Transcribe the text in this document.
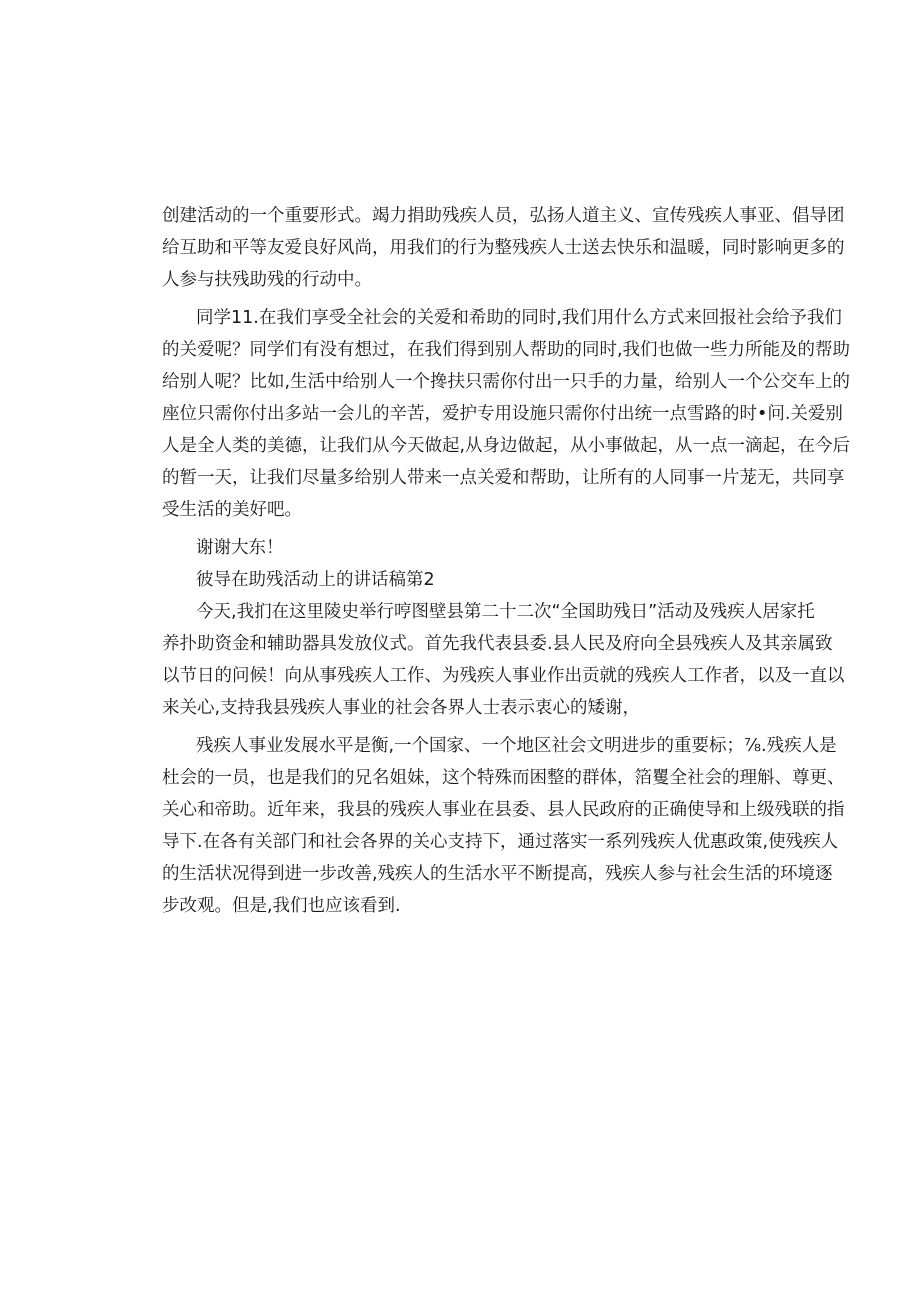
创建活动的一个重要形式。竭力捐助残疾人员，弘扬人道主义、宣传残疾人事亚、倡导团
给互助和平等友爱良好风尚，用我们的行为整残疾人士送去快乐和温暖，同时影响更多的
人参与扶残助残的行动中。
同学11.在我们享受全社会的关爱和希助的同时,我们用什么方式来回报社会给予我们
的关爱呢？同学们有没有想过，在我们得到别人帮助的同时,我们也做一些力所能及的帮助
给别人呢？比如,生活中给别人一个搀扶只需你付出一只手的力量，给别人一个公交车上的
座位只需你付出多站一会儿的辛苦，爱护专用设施只需你付出统一点雪路的时•问.关爱别
人是全人类的美德，让我们从今天做起,从身边做起，从小事做起，从一点一滴起，在今后
的暂一天，让我们尽量多给别人带来一点关爱和帮助，让所有的人同事一片茏无，共同享
受生活的美好吧。
谢谢大东！
彼导在助残活动上的讲话稿第2
今天,我扪在这里陵史举行哼图壁县第二十二次“全国助残日”活动及残疾人居家托
养扑助资金和辅助器具发放仪式。首先我代表县委.县人民及府向全县残疾人及其亲属致
以节日的问候！向从事残疾人工作、为残疾人事业作出贡就的残疾人工作者，以及一直以
来关心,支持我县残疾人事业的社会各界人士表示衷心的矮谢，
残疾人事业发展水平是衡,一个国家、一个地区社会文明进步的重要标；⅞.残疾人是
杜会的一员，也是我们的兄名姐妹，这个特殊而困整的群体，箔矍全社会的理斛、尊更、
关心和帝助。近年来，我县的残疾人事业在县委、县人民政府的正确使导和上级残联的指
导下.在各有关部门和社会各界的关心支持下，通过落实一系列残疾人优惠政策,使残疾人
的生活状况得到进一步改善,残疾人的生活水平不断提高，残疾人参与社会生活的环境逐
步改观。但是,我们也应该看到.
